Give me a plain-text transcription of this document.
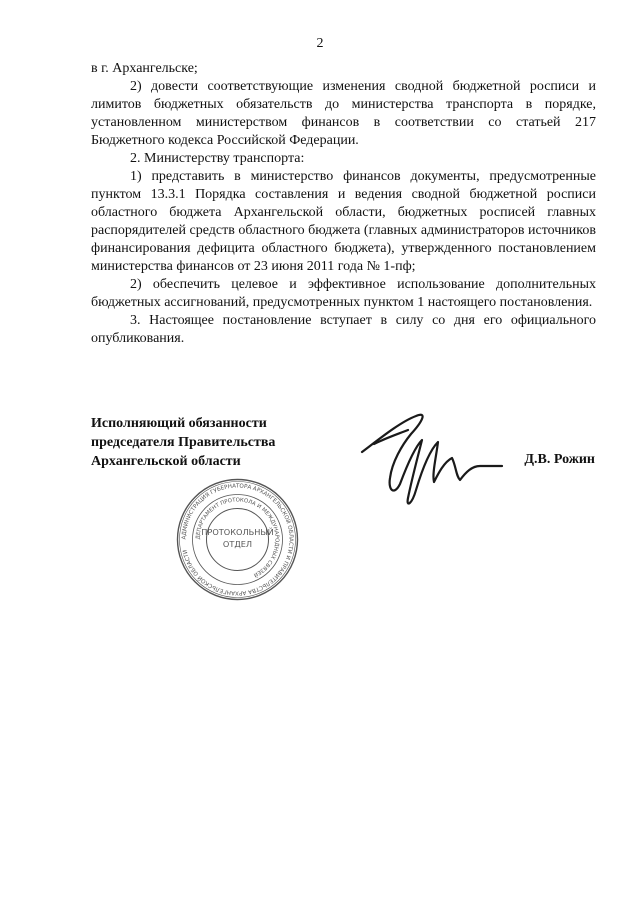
2

в г. Архангельске;

2) довести соответствующие изменения сводной бюджетной росписи и лимитов бюджетных обязательств до министерства транспорта в порядке, установленном министерством финансов в соответствии со статьей 217 Бюджетного кодекса Российской Федерации.

2. Министерству транспорта:

1) представить в министерство финансов документы, предусмотренные пунктом 13.3.1 Порядка составления и ведения сводной бюджетной росписи областного бюджета Архангельской области, бюджетных росписей главных распорядителей средств областного бюджета (главных администраторов источников финансирования дефицита областного бюджета), утвержденного постановлением министерства финансов от 23 июня 2011 года № 1-пф;

2) обеспечить целевое и эффективное использование дополнительных бюджетных ассигнований, предусмотренных пунктом 1 настоящего постановления.

3. Настоящее постановление вступает в силу со дня его официального опубликования.

Исполняющий обязанности
председателя Правительства
Архангельской области	Д.В. Рожин
АДМИНИСТРАЦИЯ ГУБЕРНАТОРА АРХАНГЕЛЬСКОЙ ОБЛАСТИ И ПРАВИТЕЛЬСТВА АРХАНГЕЛЬСКОЙ ОБЛАСТИ
ДЕПАРТАМЕНТ ПРОТОКОЛА И МЕЖДУНАРОДНЫХ СВЯЗЕЙ
ПРОТОКОЛЬНЫЙ
ОТДЕЛ
